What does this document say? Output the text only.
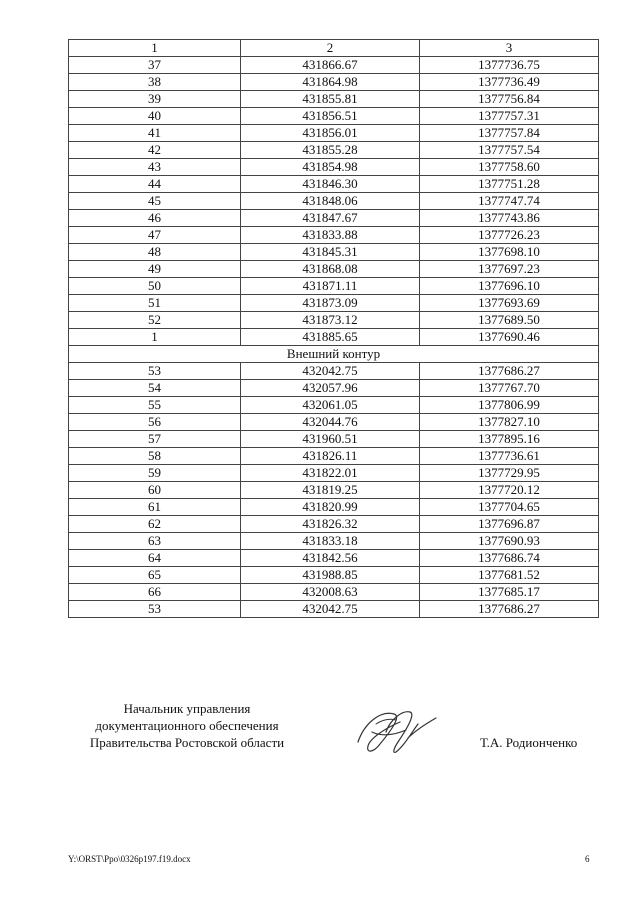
1	2	3
37	431866.67	1377736.75
38	431864.98	1377736.49
39	431855.81	1377756.84
40	431856.51	1377757.31
41	431856.01	1377757.84
42	431855.28	1377757.54
43	431854.98	1377758.60
44	431846.30	1377751.28
45	431848.06	1377747.74
46	431847.67	1377743.86
47	431833.88	1377726.23
48	431845.31	1377698.10
49	431868.08	1377697.23
50	431871.11	1377696.10
51	431873.09	1377693.69
52	431873.12	1377689.50
1	431885.65	1377690.46
Внешний контур		
53	432042.75	1377686.27
54	432057.96	1377767.70
55	432061.05	1377806.99
56	432044.76	1377827.10
57	431960.51	1377895.16
58	431826.11	1377736.61
59	431822.01	1377729.95
60	431819.25	1377720.12
61	431820.99	1377704.65
62	431826.32	1377696.87
63	431833.18	1377690.93
64	431842.56	1377686.74
65	431988.85	1377681.52
66	432008.63	1377685.17
53	432042.75	1377686.27
Начальник управления
документационного обеспечения
Правительства Ростовской области	Т.А. Родионченко
Y:\ORST\Ppo\0326p197.f19.docx	6
